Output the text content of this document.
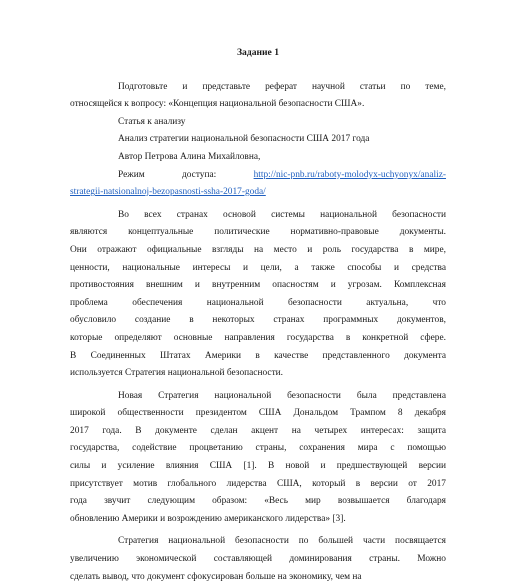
Задание 1
Подготовьте и представьте реферат научной статьи по теме,
относящейся к вопросу: «Концепция национальной безопасности США».
Статья к анализу
Анализ стратегии национальной безопасности США 2017 года
Автор Петрова Алина Михайловна,
Режим	доступа:	http://nic-pnb.ru/raboty-molodyx-uchyonyx/analiz-
strategii-natsionalnoj-bezopasnosti-ssha-2017-goda/
Во всех странах основой системы национальной безопасности
являются концептуальные политические нормативно-правовые документы.
Они отражают официальные взгляды на место и роль государства в мире,
ценности, национальные интересы и цели, а также способы и средства
противостояния внешним и внутренним опасностям и угрозам. Комплексная
проблема обеспечения национальной безопасности актуальна, что
обусловило создание в некоторых странах программных документов,
которые определяют основные направления государства в конкретной сфере.
В Соединенных Штатах Америки в качестве представленного документа
используется Стратегия национальной безопасности.
Новая Стратегия национальной безопасности была представлена
широкой общественности президентом США Дональдом Трампом 8 декабря
2017 года. В документе сделан акцент на четырех интересах: защита
государства, содействие процветанию страны, сохранения мира с помощью
силы и усиление влияния США [1]. В новой и предшествующей версии
присутствует мотив глобального лидерства США, который в версии от 2017
года звучит следующим образом: «Весь мир возвышается благодаря
обновлению Америки и возрождению американского лидерства» [3].
Стратегия национальной безопасности по большей части посвящается
увеличению экономической составляющей доминирования страны. Можно
сделать вывод, что документ сфокусирован больше на экономику, чем на
